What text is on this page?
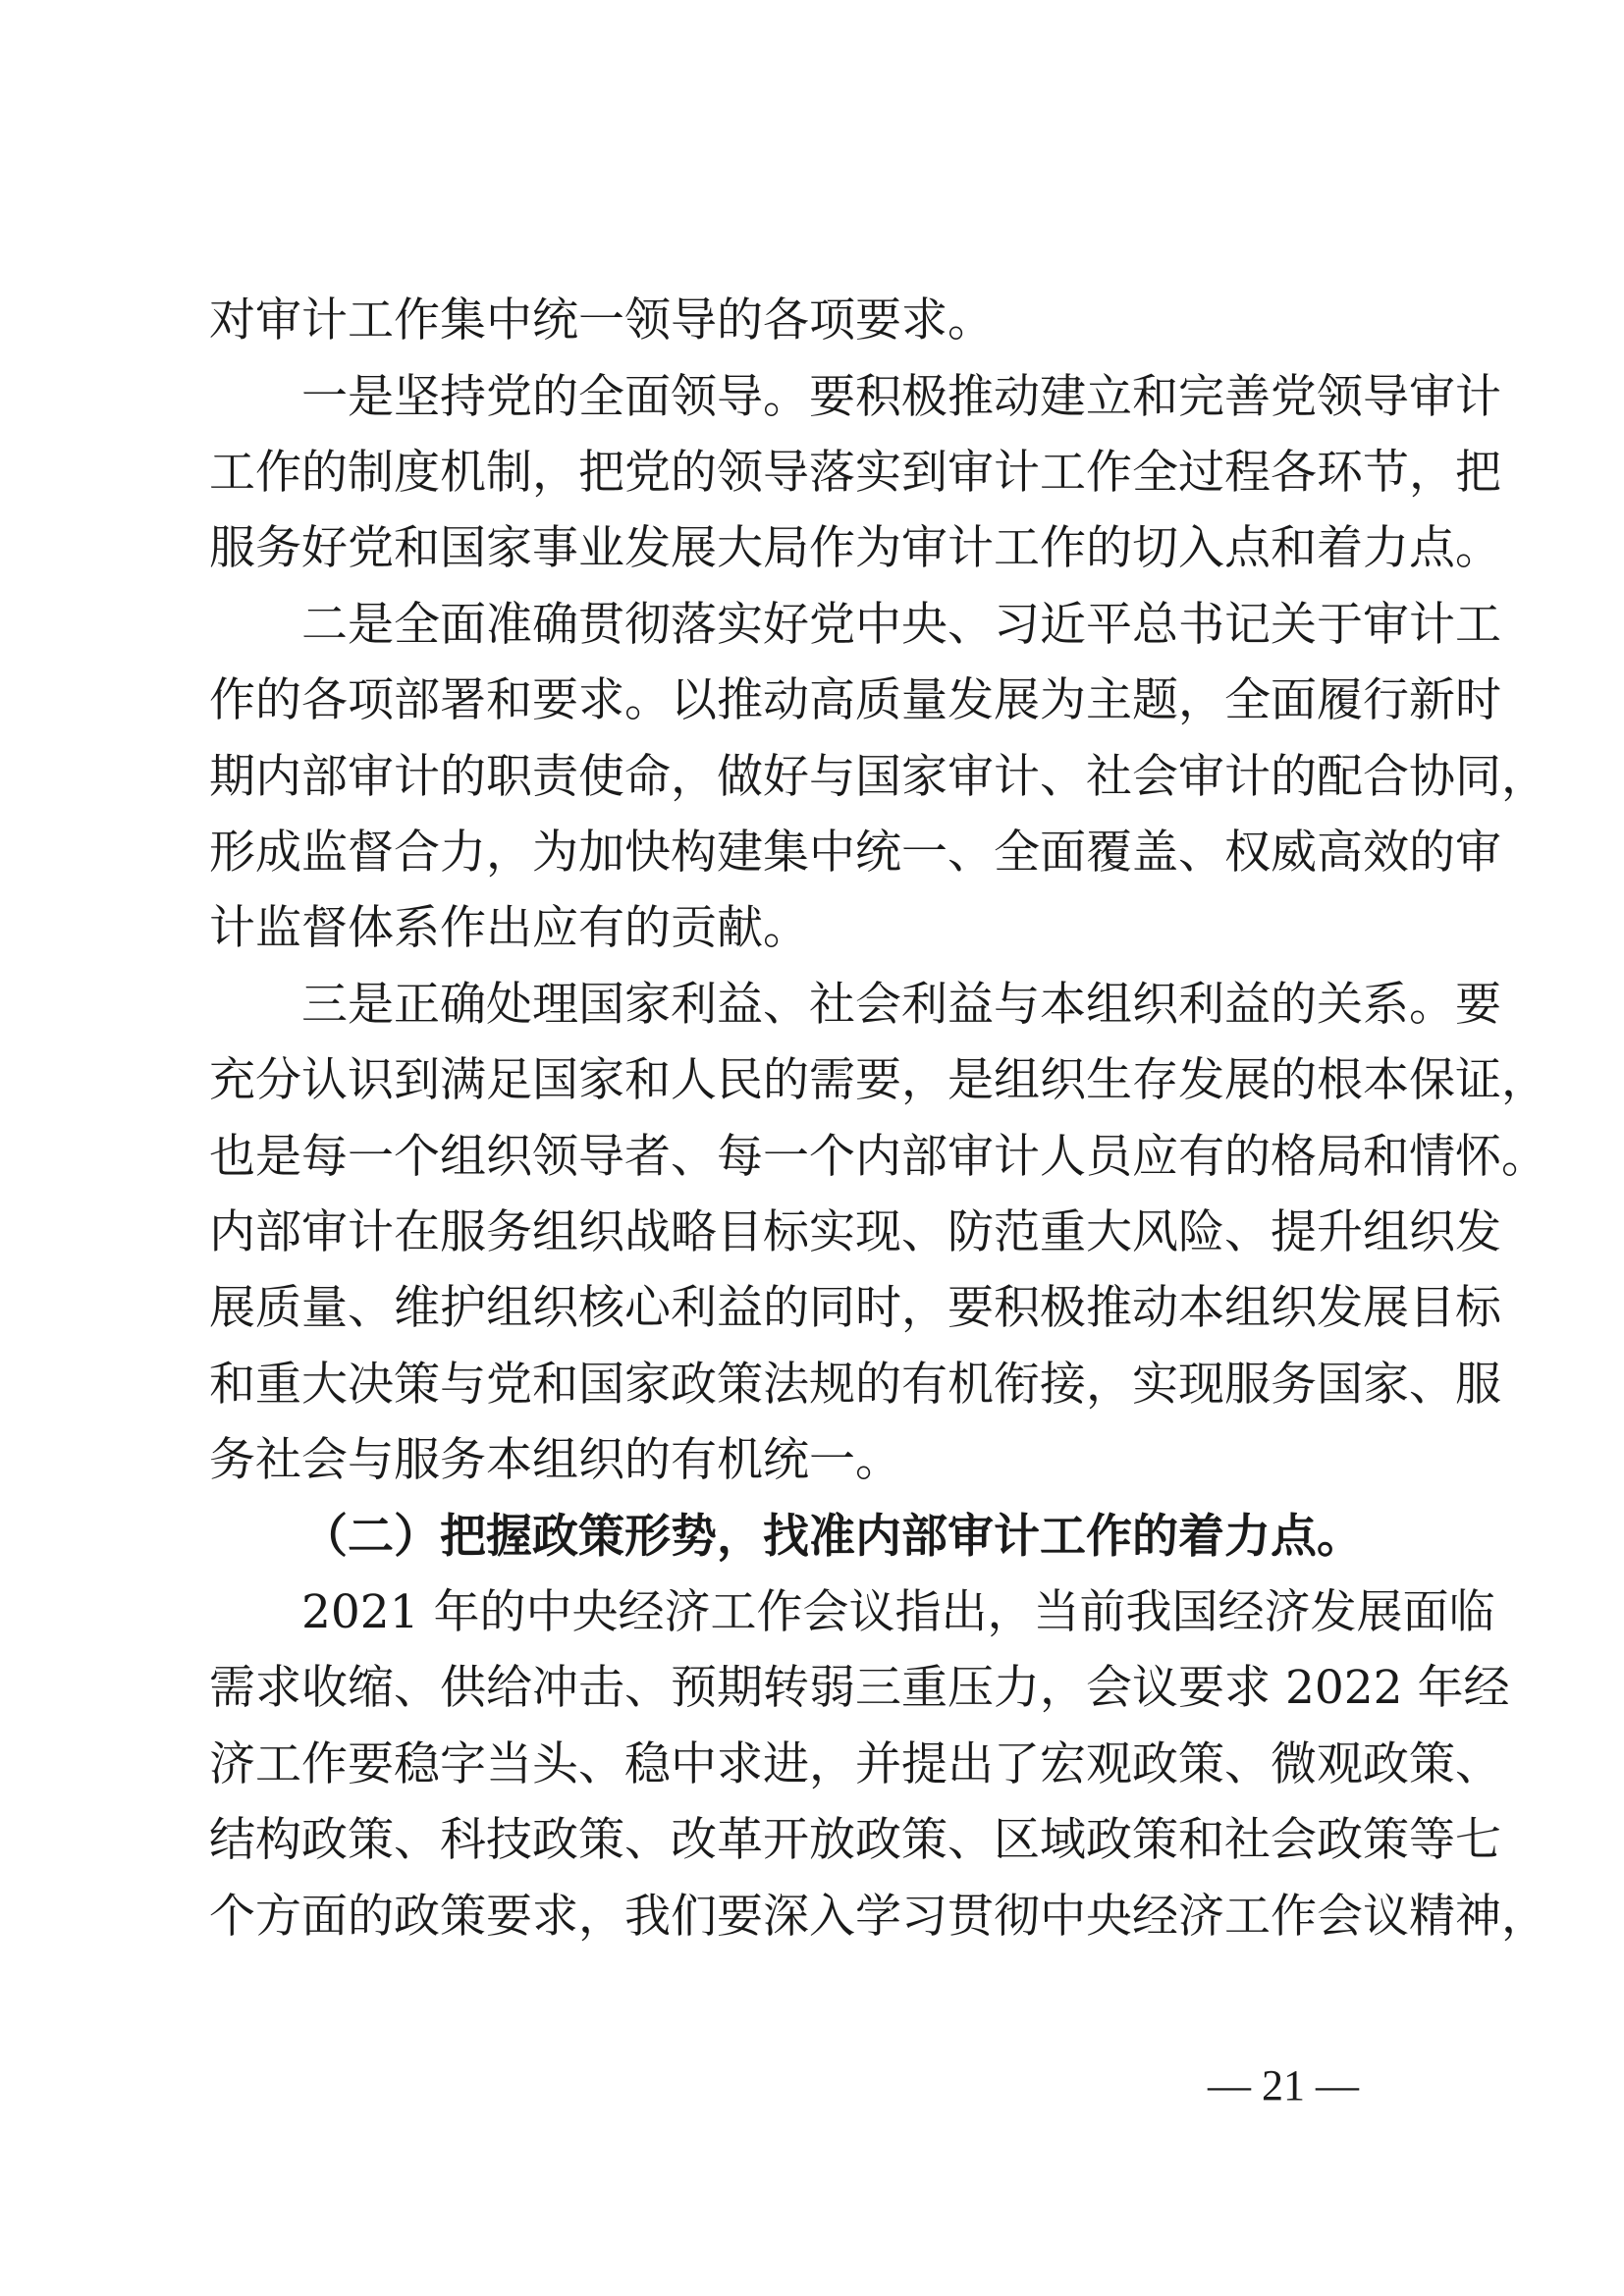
对审计工作集中统一领导的各项要求。
一是坚持党的全面领导。要积极推动建立和完善党领导审计
工作的制度机制，把党的领导落实到审计工作全过程各环节，把
服务好党和国家事业发展大局作为审计工作的切入点和着力点。
二是全面准确贯彻落实好党中央、习近平总书记关于审计工
作的各项部署和要求。以推动高质量发展为主题，全面履行新时
期内部审计的职责使命，做好与国家审计、社会审计的配合协同，
形成监督合力，为加快构建集中统一、全面覆盖、权威高效的审
计监督体系作出应有的贡献。
三是正确处理国家利益、社会利益与本组织利益的关系。要
充分认识到满足国家和人民的需要，是组织生存发展的根本保证，
也是每一个组织领导者、每一个内部审计人员应有的格局和情怀。
内部审计在服务组织战略目标实现、防范重大风险、提升组织发
展质量、维护组织核心利益的同时，要积极推动本组织发展目标
和重大决策与党和国家政策法规的有机衔接，实现服务国家、服
务社会与服务本组织的有机统一。
（二）把握政策形势，找准内部审计工作的着力点。
2021 年的中央经济工作会议指出，当前我国经济发展面临
需求收缩、供给冲击、预期转弱三重压力，会议要求 2022 年经
济工作要稳字当头、稳中求进，并提出了宏观政策、微观政策、
结构政策、科技政策、改革开放政策、区域政策和社会政策等七
个方面的政策要求，我们要深入学习贯彻中央经济工作会议精神，
— 21 —
